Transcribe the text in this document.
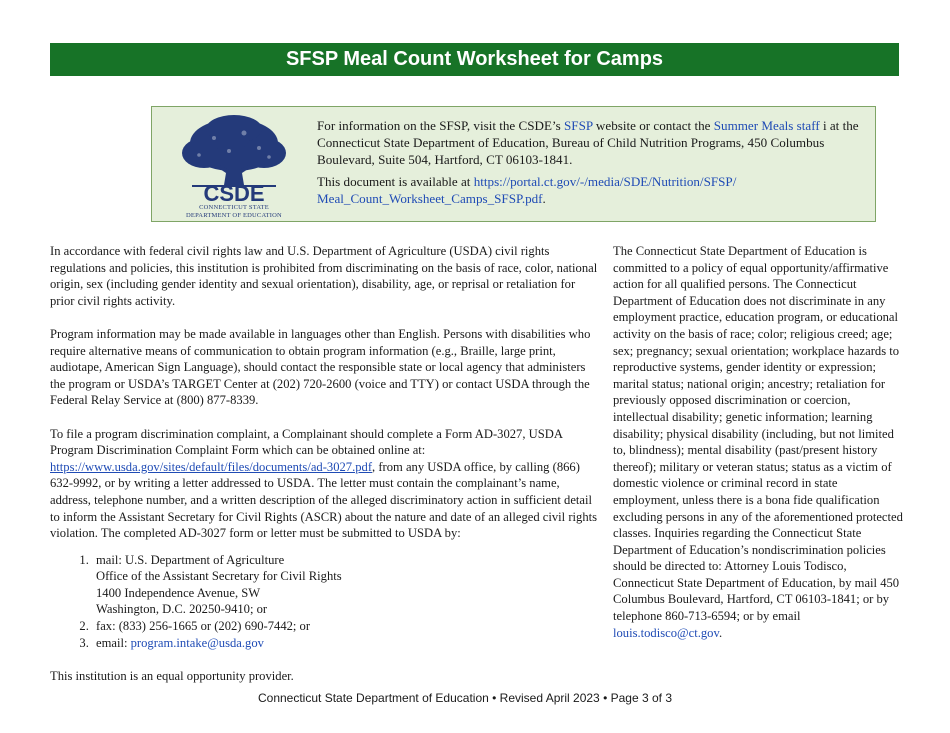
SFSP Meal Count Worksheet for Camps
CSDE
CONNECTICUT STATE
DEPARTMENT OF EDUCATION

For information on the SFSP, visit the CSDE’s SFSP website or contact the Summer Meals staff i at the Connecticut State Department of Education, Bureau of Child Nutrition Programs, 450 Columbus Boulevard, Suite 504, Hartford, CT 06103-1841.

This document is available at https://portal.ct.gov/-/media/SDE/Nutrition/SFSP/ Meal_Count_Worksheet_Camps_SFSP.pdf.

In accordance with federal civil rights law and U.S. Department of Agriculture (USDA) civil rights regulations and policies, this institution is prohibited from discriminating on the basis of race, color, national origin, sex (including gender identity and sexual orientation), disability, age, or reprisal or retaliation for prior civil rights activity.

Program information may be made available in languages other than English. Persons with disabilities who require alternative means of communication to obtain program information (e.g., Braille, large print, audiotape, American Sign Language), should contact the responsible state or local agency that administers the program or USDA’s TARGET Center at (202) 720-2600 (voice and TTY) or contact USDA through the Federal Relay Service at (800) 877-8339.

To file a program discrimination complaint, a Complainant should complete a Form AD-3027, USDA Program Discrimination Complaint Form which can be obtained online at: https://www.usda.gov/sites/default/files/documents/ad-3027.pdf, from any USDA office, by calling (866) 632-9992, or by writing a letter addressed to USDA. The letter must contain the complainant’s name, address, telephone number, and a written description of the alleged discriminatory action in sufficient detail to inform the Assistant Secretary for Civil Rights (ASCR) about the nature and date of an alleged civil rights violation. The completed AD-3027 form or letter must be submitted to USDA by:

1. mail: U.S. Department of Agriculture
Office of the Assistant Secretary for Civil Rights
1400 Independence Avenue, SW
Washington, D.C. 20250-9410; or
2. fax: (833) 256-1665 or (202) 690-7442; or
3. email: program.intake@usda.gov

This institution is an equal opportunity provider.

The Connecticut State Department of Education is committed to a policy of equal opportunity/affirmative action for all qualified persons. The Connecticut Department of Education does not discriminate in any employment practice, education program, or educational activity on the basis of race; color; religious creed; age; sex; pregnancy; sexual orientation; workplace hazards to reproductive systems, gender identity or expression; marital status; national origin; ancestry; retaliation for previously opposed discrimination or coercion, intellectual disability; genetic information; learning disability; physical disability (including, but not limited to, blindness); mental disability (past/present history thereof); military or veteran status; status as a victim of domestic violence or criminal record in state employment, unless there is a bona fide qualification excluding persons in any of the aforementioned protected classes. Inquiries regarding the Connecticut State Department of Education’s nondiscrimination policies should be directed to: Attorney Louis Todisco, Connecticut State Department of Education, by mail 450 Columbus Boulevard, Hartford, CT 06103-1841; or by telephone 860-713-6594; or by email louis.todisco@ct.gov.

Connecticut State Department of Education • Revised April 2023 • Page 3 of 3
